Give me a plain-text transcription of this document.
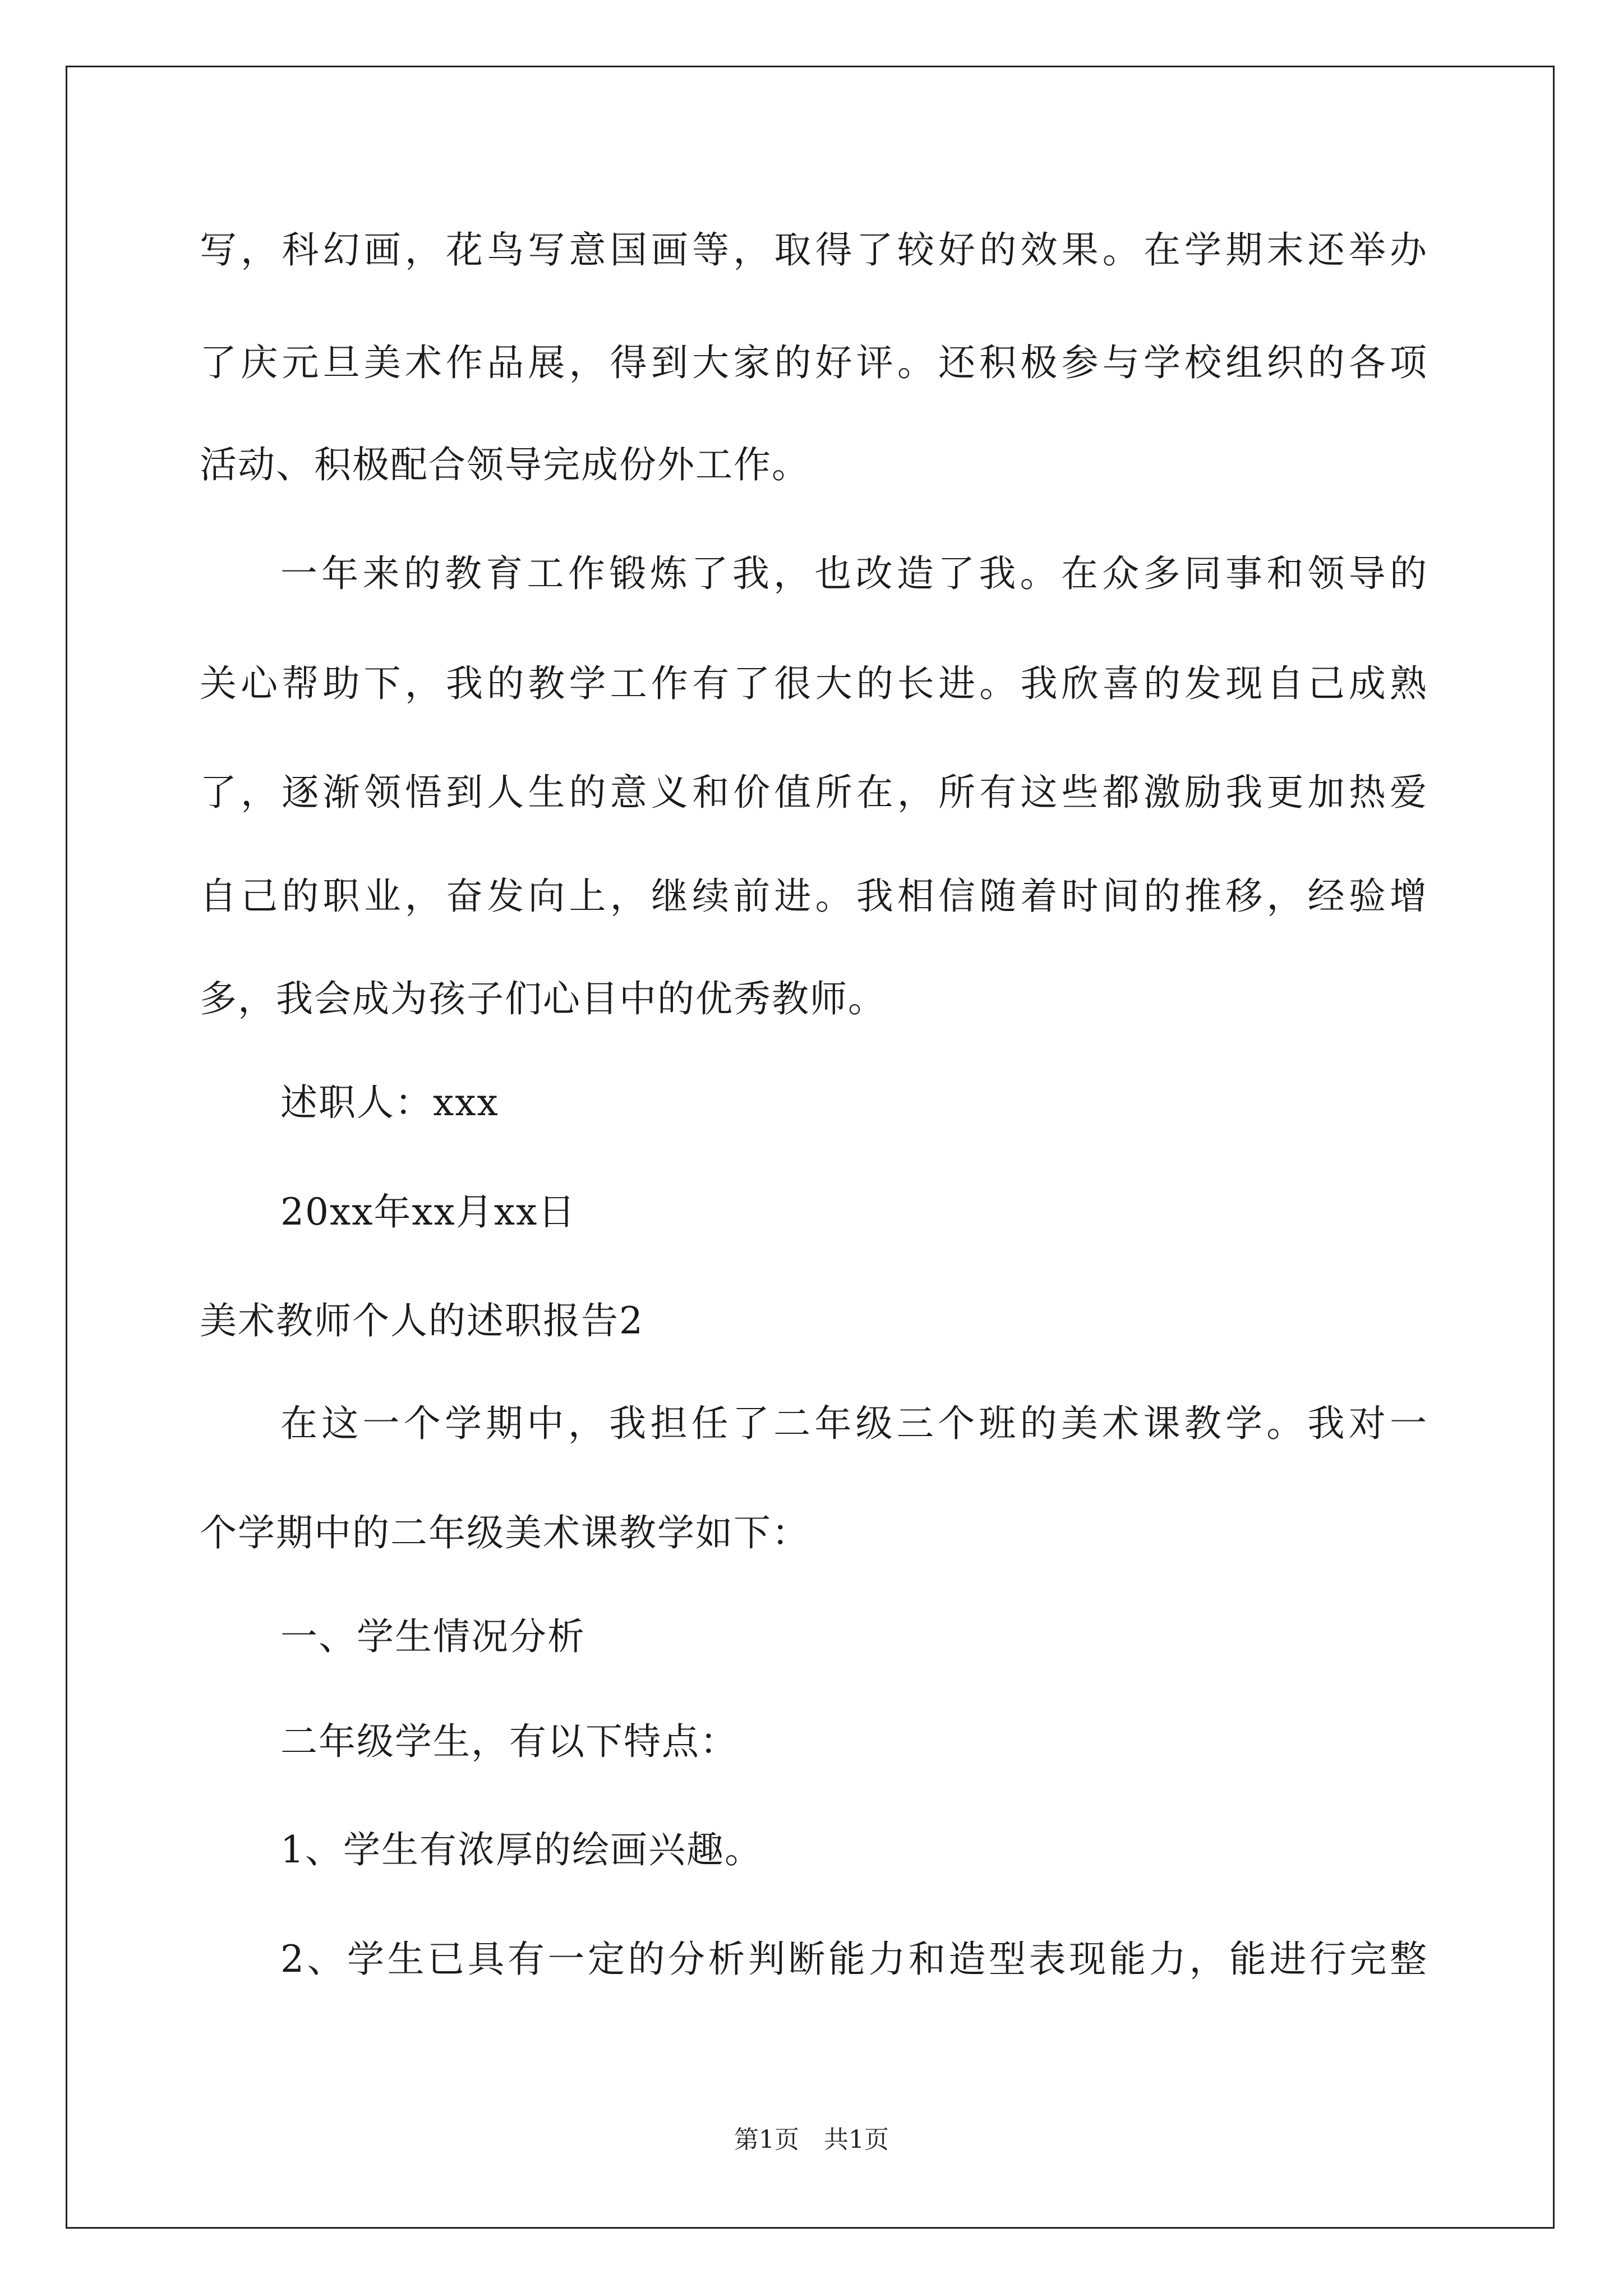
写，科幻画，花鸟写意国画等，取得了较好的效果。在学期末还举办
了庆元旦美术作品展，得到大家的好评。还积极参与学校组织的各项
活动、积极配合领导完成份外工作。
一年来的教育工作锻炼了我，也改造了我。在众多同事和领导的
关心帮助下，我的教学工作有了很大的长进。我欣喜的发现自己成熟
了，逐渐领悟到人生的意义和价值所在，所有这些都激励我更加热爱
自己的职业，奋发向上，继续前进。我相信随着时间的推移，经验增
多，我会成为孩子们心目中的优秀教师。
述职人：xxx
20xx年xx月xx日
美术教师个人的述职报告2
在这一个学期中，我担任了二年级三个班的美术课教学。我对一
个学期中的二年级美术课教学如下：
一、学生情况分析
二年级学生，有以下特点：
1、学生有浓厚的绘画兴趣。
2、学生已具有一定的分析判断能力和造型表现能力，能进行完整
第1页 共1页
